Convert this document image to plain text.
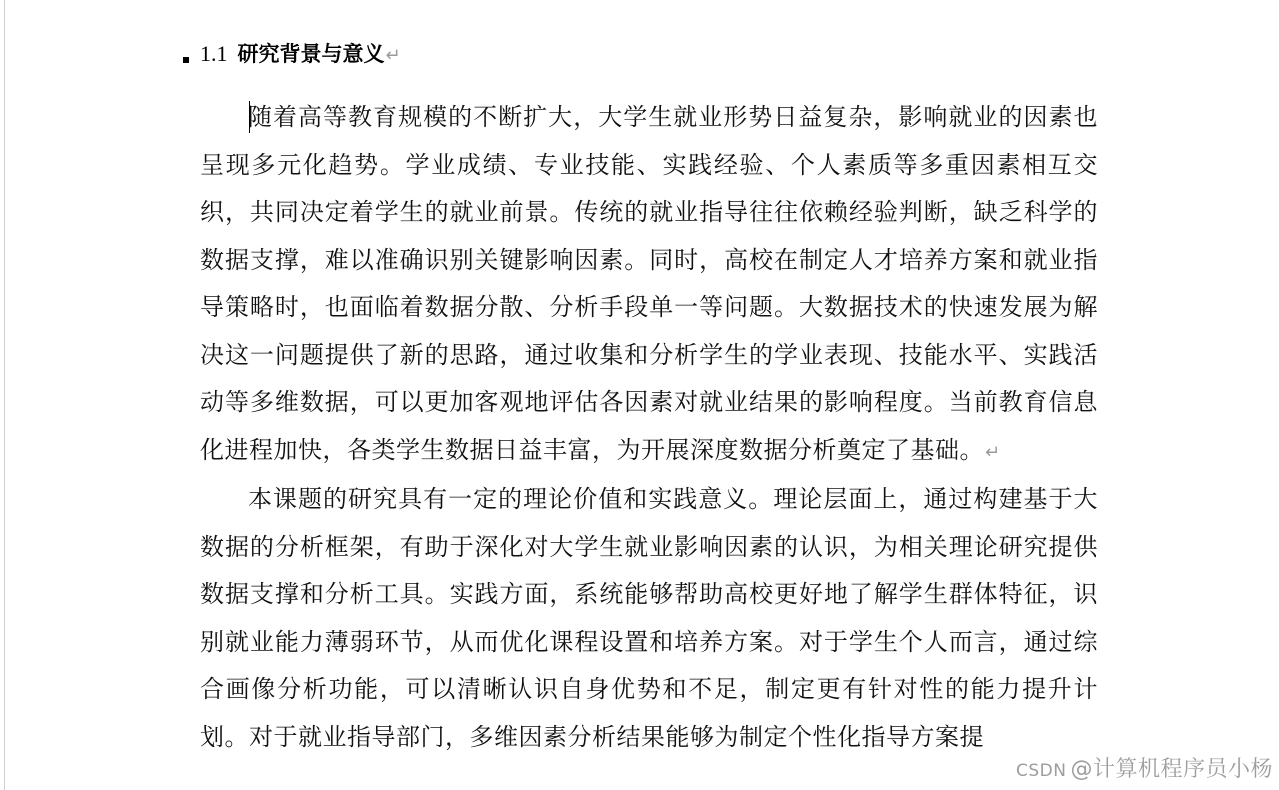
1.1 研究背景与意义↵

随着高等教育规模的不断扩大，大学生就业形势日益复杂，影响就业的因素也呈现多元化趋势。学业成绩、专业技能、实践经验、个人素质等多重因素相互交织，共同决定着学生的就业前景。传统的就业指导往往依赖经验判断，缺乏科学的数据支撑，难以准确识别关键影响因素。同时，高校在制定人才培养方案和就业指导策略时，也面临着数据分散、分析手段单一等问题。大数据技术的快速发展为解决这一问题提供了新的思路，通过收集和分析学生的学业表现、技能水平、实践活动等多维数据，可以更加客观地评估各因素对就业结果的影响程度。当前教育信息化进程加快，各类学生数据日益丰富，为开展深度数据分析奠定了基础。↵

本课题的研究具有一定的理论价值和实践意义。理论层面上，通过构建基于大数据的分析框架，有助于深化对大学生就业影响因素的认识，为相关理论研究提供数据支撑和分析工具。实践方面，系统能够帮助高校更好地了解学生群体特征，识别就业能力薄弱环节，从而优化课程设置和培养方案。对于学生个人而言，通过综合画像分析功能，可以清晰认识自身优势和不足，制定更有针对性的能力提升计划。对于就业指导部门，多维因素分析结果能够为制定个性化指导方案提

CSDN @计算机程序员小杨
